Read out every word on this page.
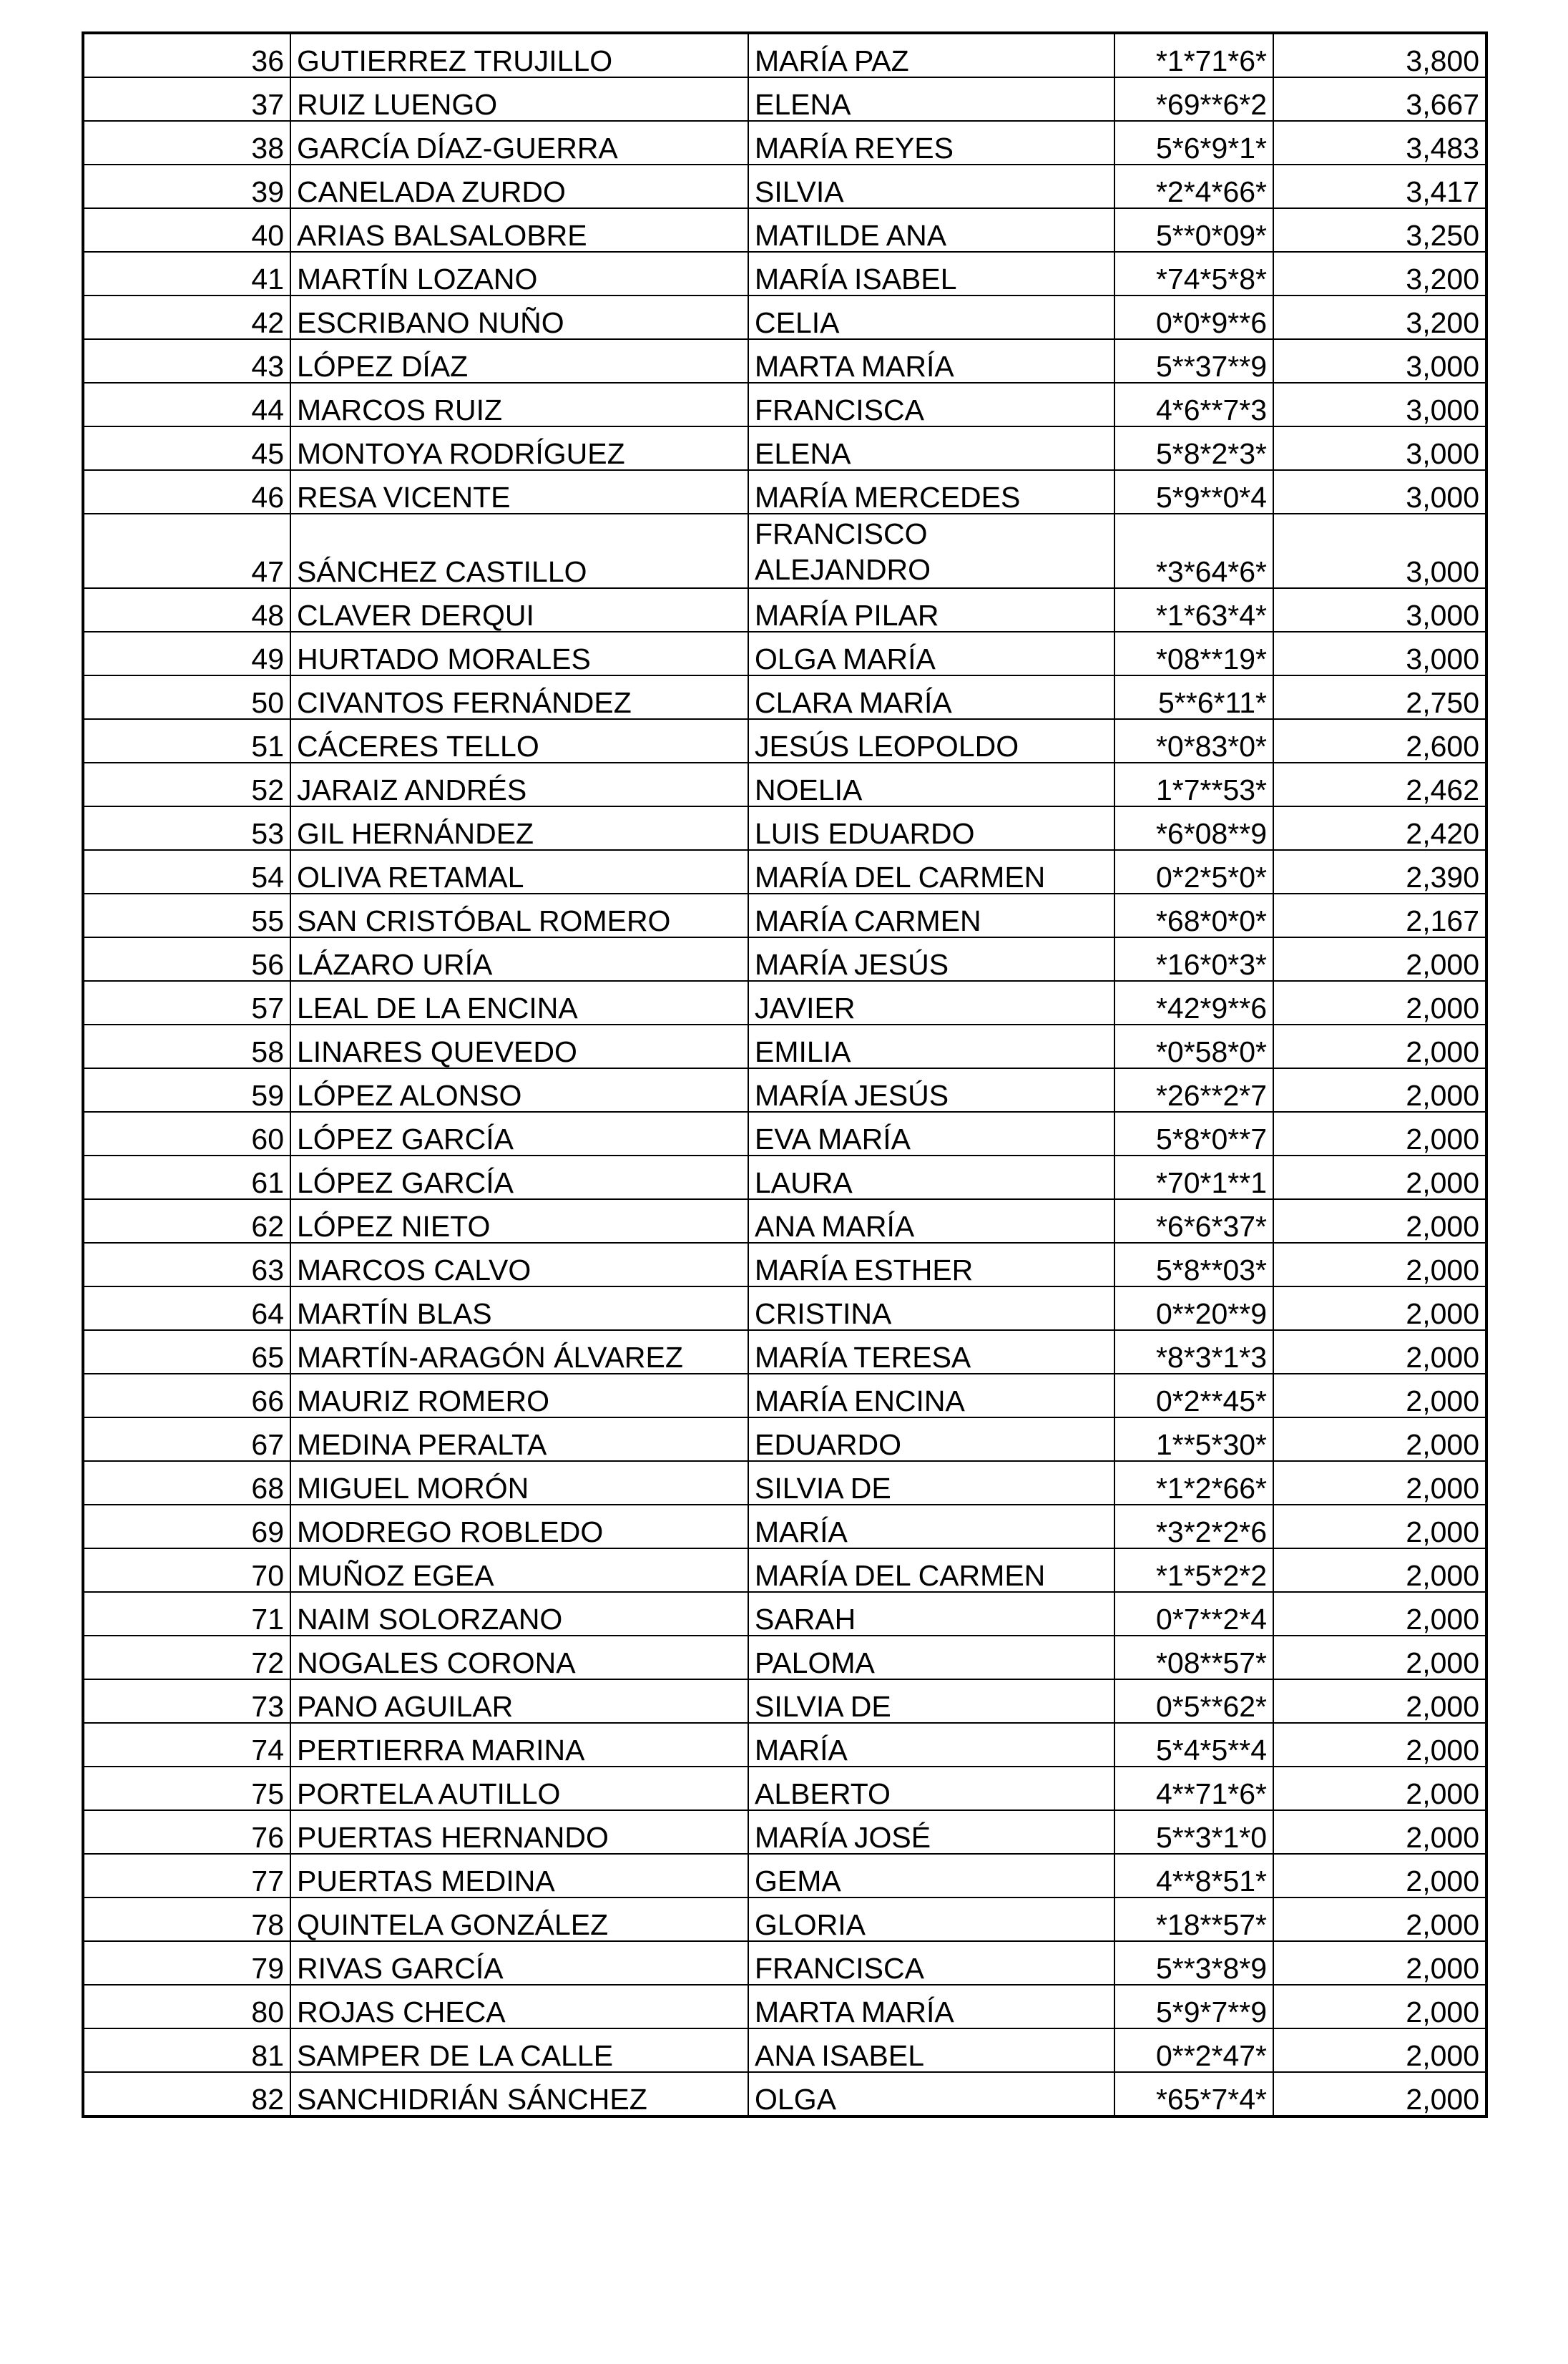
36	GUTIERREZ TRUJILLO	MARÍA PAZ	*1*71*6*	3,800
37	RUIZ LUENGO	ELENA	*69**6*2	3,667
38	GARCÍA DÍAZ-GUERRA	MARÍA REYES	5*6*9*1*	3,483
39	CANELADA ZURDO	SILVIA	*2*4*66*	3,417
40	ARIAS BALSALOBRE	MATILDE ANA	5**0*09*	3,250
41	MARTÍN LOZANO	MARÍA ISABEL	*74*5*8*	3,200
42	ESCRIBANO NUÑO	CELIA	0*0*9**6	3,200
43	LÓPEZ DÍAZ	MARTA MARÍA	5**37**9	3,000
44	MARCOS RUIZ	FRANCISCA	4*6**7*3	3,000
45	MONTOYA RODRÍGUEZ	ELENA	5*8*2*3*	3,000
46	RESA VICENTE	MARÍA MERCEDES	5*9**0*4	3,000
47	SÁNCHEZ CASTILLO	FRANCISCO ALEJANDRO	*3*64*6*	3,000
48	CLAVER DERQUI	MARÍA PILAR	*1*63*4*	3,000
49	HURTADO MORALES	OLGA MARÍA	*08**19*	3,000
50	CIVANTOS FERNÁNDEZ	CLARA MARÍA	5**6*11*	2,750
51	CÁCERES TELLO	JESÚS LEOPOLDO	*0*83*0*	2,600
52	JARAIZ ANDRÉS	NOELIA	1*7**53*	2,462
53	GIL HERNÁNDEZ	LUIS EDUARDO	*6*08**9	2,420
54	OLIVA RETAMAL	MARÍA DEL CARMEN	0*2*5*0*	2,390
55	SAN CRISTÓBAL ROMERO	MARÍA CARMEN	*68*0*0*	2,167
56	LÁZARO URÍA	MARÍA JESÚS	*16*0*3*	2,000
57	LEAL DE LA ENCINA	JAVIER	*42*9**6	2,000
58	LINARES QUEVEDO	EMILIA	*0*58*0*	2,000
59	LÓPEZ ALONSO	MARÍA JESÚS	*26**2*7	2,000
60	LÓPEZ GARCÍA	EVA MARÍA	5*8*0**7	2,000
61	LÓPEZ GARCÍA	LAURA	*70*1**1	2,000
62	LÓPEZ NIETO	ANA MARÍA	*6*6*37*	2,000
63	MARCOS CALVO	MARÍA ESTHER	5*8**03*	2,000
64	MARTÍN BLAS	CRISTINA	0**20**9	2,000
65	MARTÍN-ARAGÓN ÁLVAREZ	MARÍA TERESA	*8*3*1*3	2,000
66	MAURIZ ROMERO	MARÍA ENCINA	0*2**45*	2,000
67	MEDINA PERALTA	EDUARDO	1**5*30*	2,000
68	MIGUEL MORÓN	SILVIA DE	*1*2*66*	2,000
69	MODREGO ROBLEDO	MARÍA	*3*2*2*6	2,000
70	MUÑOZ EGEA	MARÍA DEL CARMEN	*1*5*2*2	2,000
71	NAIM SOLORZANO	SARAH	0*7**2*4	2,000
72	NOGALES CORONA	PALOMA	*08**57*	2,000
73	PANO AGUILAR	SILVIA DE	0*5**62*	2,000
74	PERTIERRA MARINA	MARÍA	5*4*5**4	2,000
75	PORTELA AUTILLO	ALBERTO	4**71*6*	2,000
76	PUERTAS HERNANDO	MARÍA JOSÉ	5**3*1*0	2,000
77	PUERTAS MEDINA	GEMA	4**8*51*	2,000
78	QUINTELA GONZÁLEZ	GLORIA	*18**57*	2,000
79	RIVAS GARCÍA	FRANCISCA	5**3*8*9	2,000
80	ROJAS CHECA	MARTA MARÍA	5*9*7**9	2,000
81	SAMPER DE LA CALLE	ANA ISABEL	0**2*47*	2,000
82	SANCHIDRIÁN SÁNCHEZ	OLGA	*65*7*4*	2,000
